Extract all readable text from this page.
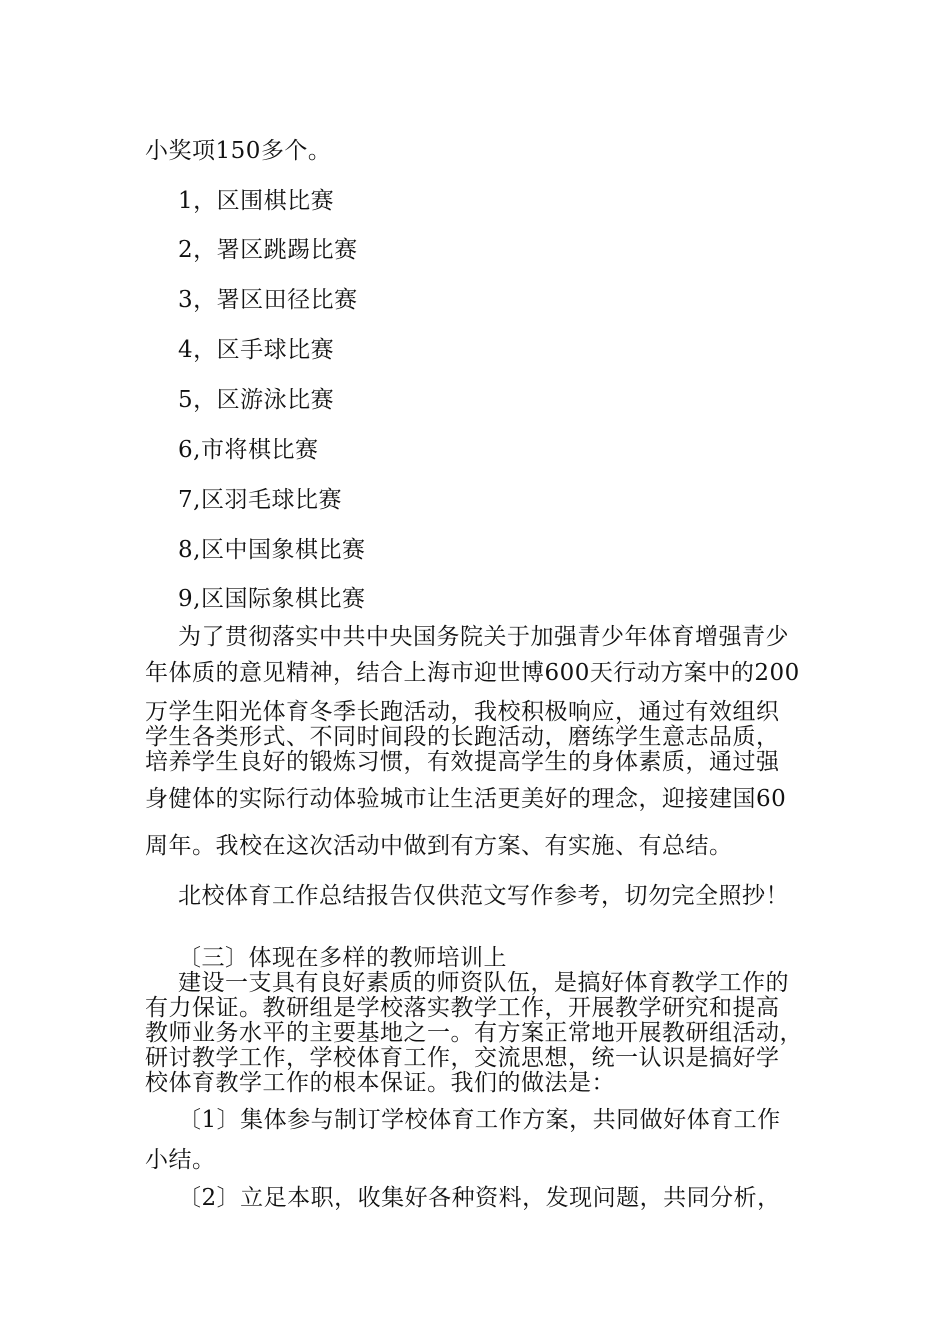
小奖项150多个。
1，区围棋比赛
2，署区跳踢比赛
3，署区田径比赛
4，区手球比赛
5，区游泳比赛
6,市将棋比赛
7,区羽毛球比赛
8,区中国象棋比赛
9,区国际象棋比赛
为了贯彻落实中共中央国务院关于加强青少年体育增强青少
年体质的意见精神，结合上海市迎世博600天行动方案中的200
万学生阳光体育冬季长跑活动，我校积极响应，通过有效组织
学生各类形式、不同时间段的长跑活动，磨练学生意志品质，
培养学生良好的锻炼习惯，有效提高学生的身体素质，通过强
身健体的实际行动体验城市让生活更美好的理念，迎接建国60
周年。我校在这次活动中做到有方案、有实施、有总结。
北校体育工作总结报告仅供范文写作参考，切勿完全照抄！
〔三〕体现在多样的教师培训上
建设一支具有良好素质的师资队伍，是搞好体育教学工作的
有力保证。教研组是学校落实教学工作，开展教学研究和提高
教师业务水平的主要基地之一。有方案正常地开展教研组活动，
研讨教学工作，学校体育工作，交流思想，统一认识是搞好学
校体育教学工作的根本保证。我们的做法是：
〔1〕集体参与制订学校体育工作方案，共同做好体育工作
小结。
〔2〕立足本职，收集好各种资料，发现问题，共同分析，
